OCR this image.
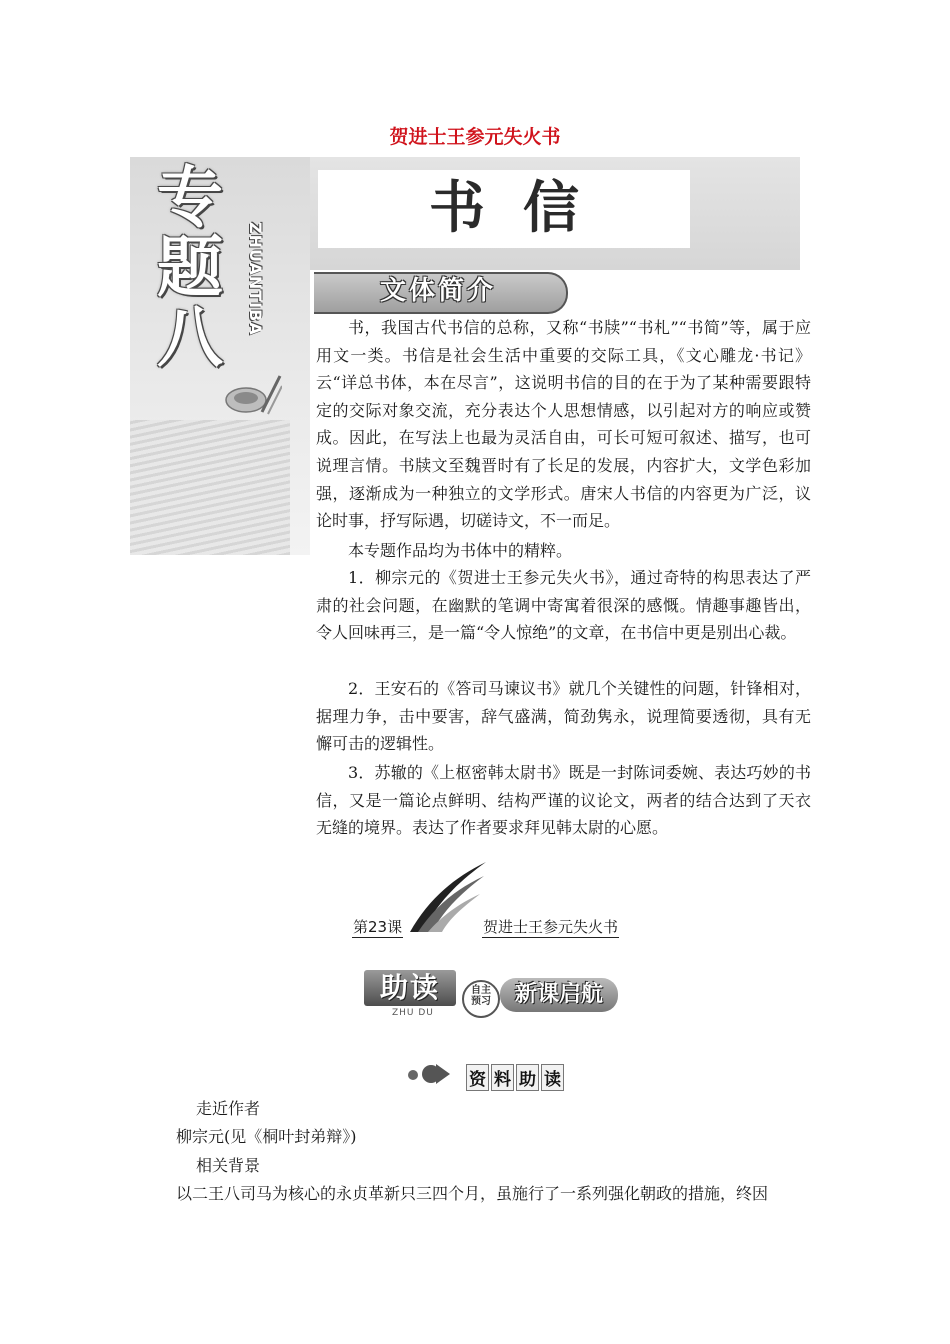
贺进士王参元失火书
书信
专
题
八
ZHUANTIBA	文体简介

书，我国古代书信的总称，又称“书牍”“书札”“书简”等，属于应用文一类。书信是社会生活中重要的交际工具，《文心雕龙·书记》云“详总书体，本在尽言”，这说明书信的目的在于为了某种需要跟特定的交际对象交流，充分表达个人思想情感，以引起对方的响应或赞成。因此，在写法上也最为灵活自由，可长可短可叙述、描写，也可说理言情。书牍文至魏晋时有了长足的发展，内容扩大，文学色彩加强，逐渐成为一种独立的文学形式。唐宋人书信的内容更为广泛，议论时事，抒写际遇，切磋诗文，不一而足。

本专题作品均为书体中的精粹。

1．柳宗元的《贺进士王参元失火书》，通过奇特的构思表达了严肃的社会问题，在幽默的笔调中寄寓着很深的感慨。情趣事趣皆出，令人回味再三，是一篇“令人惊绝”的文章，在书信中更是别出心裁。

2．王安石的《答司马谏议书》就几个关键性的问题，针锋相对，据理力争，击中要害，辞气盛满，简劲隽永，说理简要透彻，具有无懈可击的逻辑性。

3．苏辙的《上枢密韩太尉书》既是一封陈词委婉、表达巧妙的书信，又是一篇论点鲜明、结构严谨的议论文，两者的结合达到了天衣无缝的境界。表达了作者要求拜见韩太尉的心愿。

第23课	贺进士王参元失火书
助读
ZHU DU
自主
预习	新课启航
资 料 助 读

走近作者

柳宗元(见《桐叶封弟辩》)

相关背景

以二王八司马为核心的永贞革新只三四个月，虽施行了一系列强化朝政的措施，终因
